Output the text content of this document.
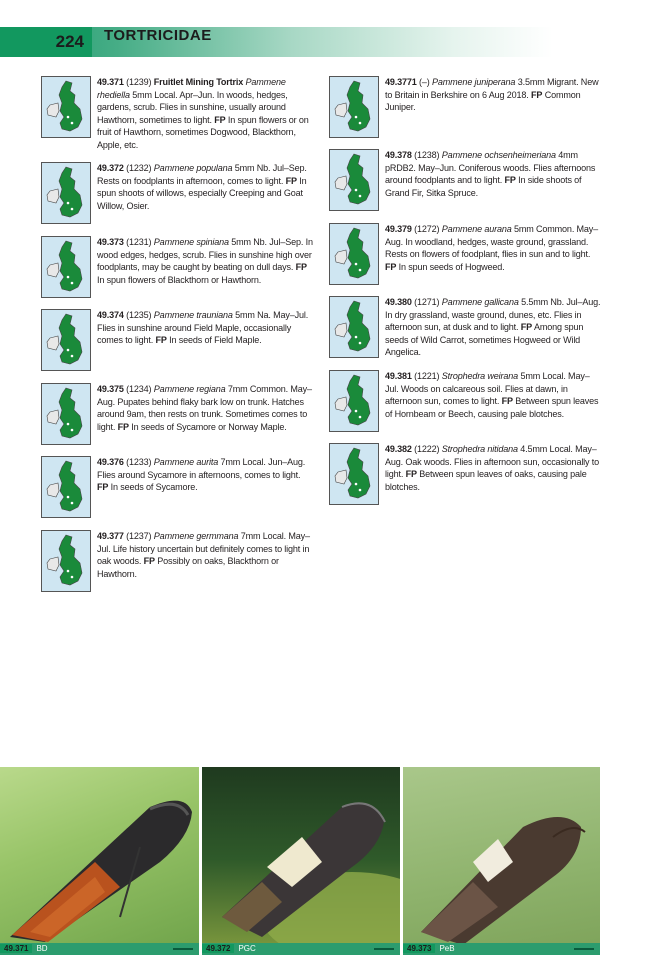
224	TORTRICIDAE
49.371 (1239) Fruitlet Mining Tortrix Pammene rhediella 5mm Local. Apr–Jun. In woods, hedges, gardens, scrub. Flies in sunshine, usually around Hawthorn, sometimes to light. FP In spun flowers or on fruit of Hawthorn, sometimes Dogwood, Blackthorn, Apple, etc.
49.372 (1232) Pammene populana 5mm Nb. Jul–Sep. Rests on foodplants in afternoon, comes to light. FP In spun shoots of willows, especially Creeping and Goat Willow, Osier.
49.373 (1231) Pammene spiniana 5mm Nb. Jul–Sep. In wood edges, hedges, scrub. Flies in sunshine high over foodplants, may be caught by beating on dull days. FP In spun flowers of Blackthorn or Hawthorn.
49.374 (1235) Pammene trauniana 5mm Na. May–Jul. Flies in sunshine around Field Maple, occasionally comes to light. FP In seeds of Field Maple.
49.375 (1234) Pammene regiana 7mm Common. May–Aug. Pupates behind flaky bark low on trunk. Hatches around 9am, then rests on trunk. Sometimes comes to light. FP In seeds of Sycamore or Norway Maple.
49.376 (1233) Pammene aurita 7mm Local. Jun–Aug. Flies around Sycamore in afternoons, comes to light. FP In seeds of Sycamore.
49.377 (1237) Pammene germmana 7mm Local. May–Jul. Life history uncertain but definitely comes to light in oak woods. FP Possibly on oaks, Blackthorn or Hawthorn.
49.3771 (–) Pammene juniperana 3.5mm Migrant. New to Britain in Berkshire on 6 Aug 2018. FP Common Juniper.
49.378 (1238) Pammene ochsenheimeriana 4mm pRDB2. May–Jun. Coniferous woods. Flies afternoons around foodplants and to light. FP In side shoots of Grand Fir, Sitka Spruce.
49.379 (1272) Pammene aurana 5mm Common. May–Aug. In woodland, hedges, waste ground, grassland. Rests on flowers of foodplant, flies in sun and to light. FP In spun seeds of Hogweed.
49.380 (1271) Pammene gallicana 5.5mm Nb. Jul–Aug. In dry grassland, waste ground, dunes, etc. Flies in afternoon sun, at dusk and to light. FP Among spun seeds of Wild Carrot, sometimes Hogweed or Wild Angelica.
49.381 (1221) Strophedra weirana 5mm Local. May–Jul. Woods on calcareous soil. Flies at dawn, in afternoon sun, comes to light. FP Between spun leaves of Hornbeam or Beech, causing pale blotches.
49.382 (1222) Strophedra nitidana 4.5mm Local. May–Aug. Oak woods. Flies in afternoon sun, occasionally to light. FP Between spun leaves of oaks, causing pale blotches.
49.371 BD	49.372 PGC	49.373 PeB
